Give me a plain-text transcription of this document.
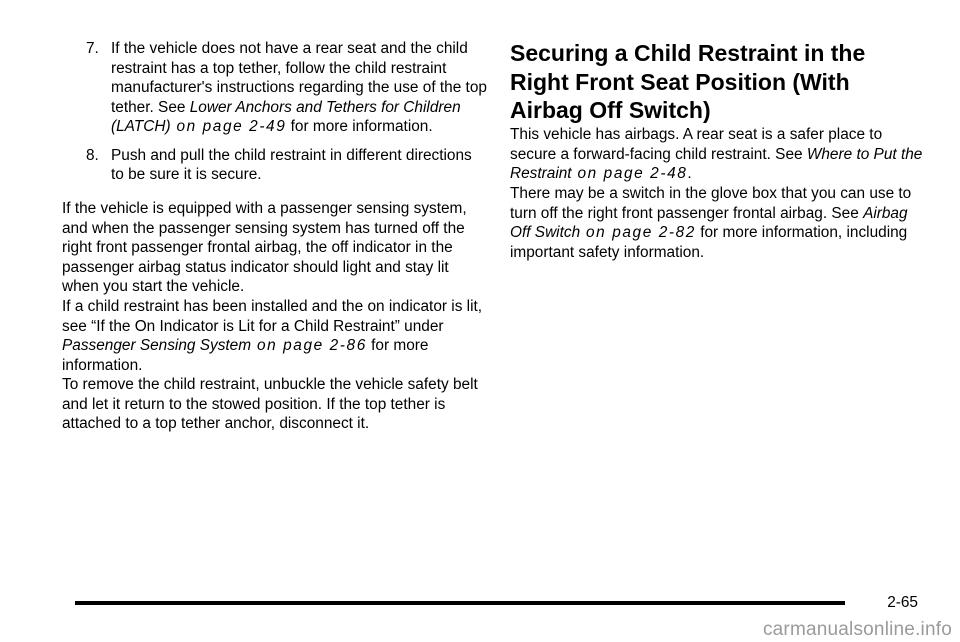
7. If the vehicle does not have a rear seat and the child restraint has a top tether, follow the child restraint manufacturer's instructions regarding the use of the top tether. See Lower Anchors and Tethers for Children (LATCH) on page 2-49 for more information.
8. Push and pull the child restraint in different directions to be sure it is secure.

If the vehicle is equipped with a passenger sensing system, and when the passenger sensing system has turned off the right front passenger frontal airbag, the off indicator in the passenger airbag status indicator should light and stay lit when you start the vehicle.

If a child restraint has been installed and the on indicator is lit, see “If the On Indicator is Lit for a Child Restraint” under Passenger Sensing System on page 2-86 for more information.

To remove the child restraint, unbuckle the vehicle safety belt and let it return to the stowed position. If the top tether is attached to a top tether anchor, disconnect it.

Securing a Child Restraint in the Right Front Seat Position (With Airbag Off Switch)

This vehicle has airbags. A rear seat is a safer place to secure a forward-facing child restraint. See Where to Put the Restraint on page 2-48.

There may be a switch in the glove box that you can use to turn off the right front passenger frontal airbag. See Airbag Off Switch on page 2-82 for more information, including important safety information.

2-65
carmanualsonline.info
